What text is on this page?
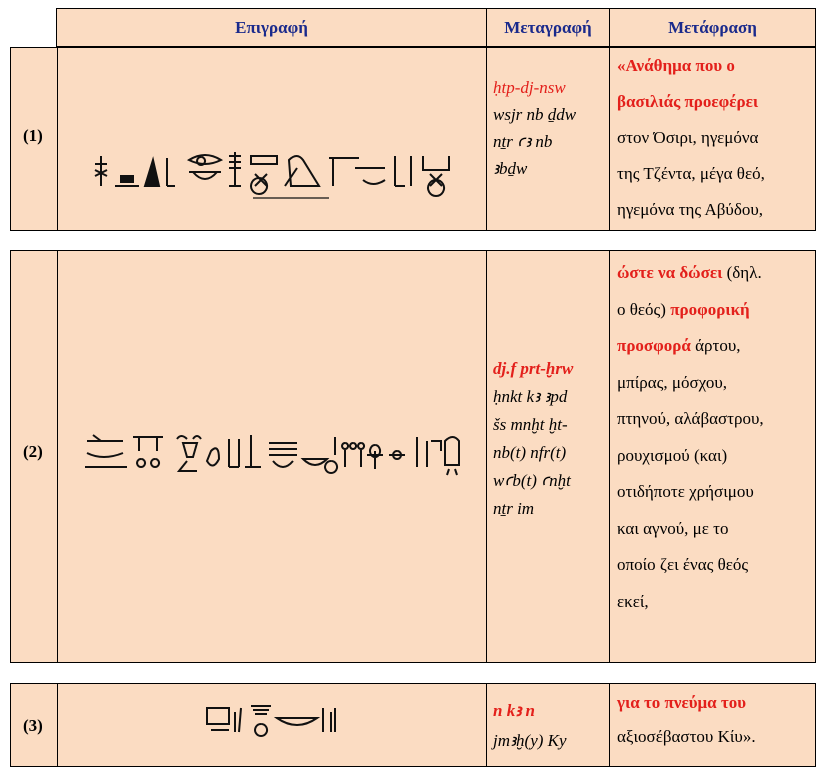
Επιγραφή	Μεταγραφή	Μετάφραση
(1)
ḥtp-dj-nsw
wsjr nb ḏdw
nṯr ꜥꜣ nb
ꜣbḏw
«Ανάθημα που ο
βασιλιάς προεφέρει
στον Όσιρι, ηγεμόνα
της Τζέντα, μέγα θεό,
ηγεμόνα της Αβύδου,
(2)
dj.f prt-ḫrw
ḥnkt kꜣ ꜣpd
šs mnḫt ḫt-
nb(t) nfr(t)
wꜥb(t) ꜥnḫt
nṯr im
ώστε να δώσει (δηλ.
ο θεός) προφορική
προσφορά άρτου,
μπίρας, μόσχου,
πτηνού, αλάβαστρου,
ρουχισμού (και)
οτιδήποτε χρήσιμου
και αγνού, με το
οποίο ζει ένας θεός
εκεί,
(3)
n kꜣ n
jmꜣḫ(y) Ky
για το πνεύμα του
αξιοσέβαστου Κίυ».
